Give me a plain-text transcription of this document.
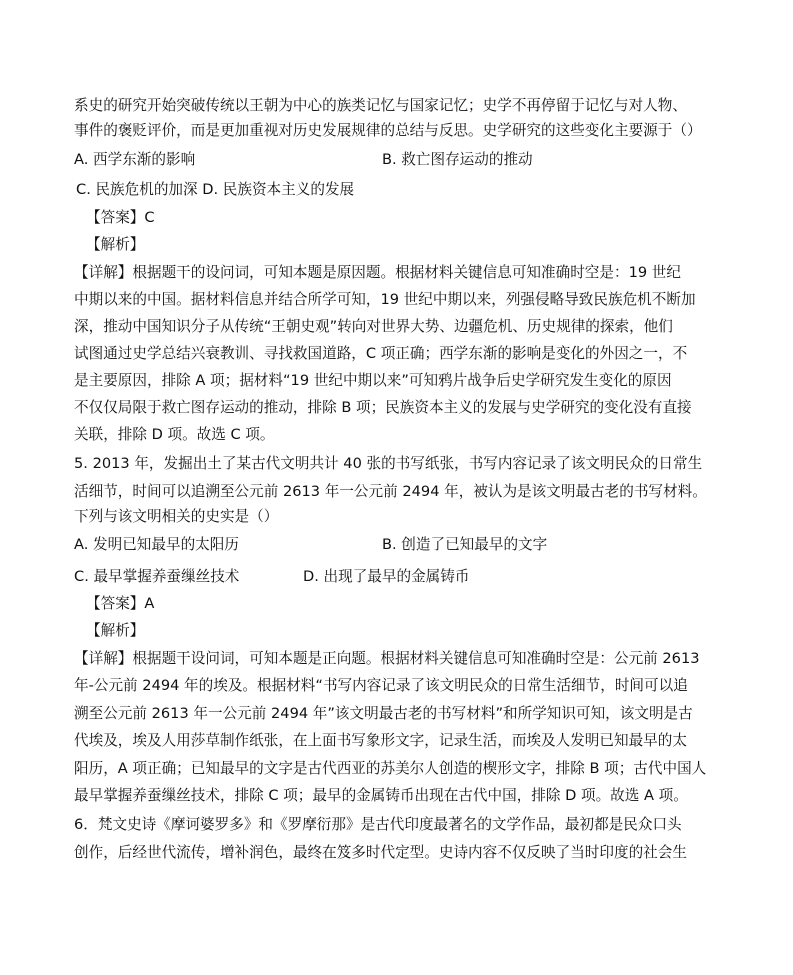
系史的研究开始突破传统以王朝为中心的族类记忆与国家记忆；史学不再停留于记忆与对人物、
事件的褒贬评价，而是更加重视对历史发展规律的总结与反思。史学研究的这些变化主要源于（）
A. 西学东渐的影响	B. 救亡图存运动的推动
C. 民族危机的加深 D. 民族资本主义的发展
【答案】C
【解析】
【详解】根据题干的设问词，可知本题是原因题。根据材料关键信息可知准确时空是：19 世纪
中期以来的中国。据材料信息并结合所学可知，19 世纪中期以来，列强侵略导致民族危机不断加
深，推动中国知识分子从传统“王朝史观”转向对世界大势、边疆危机、历史规律的探索，他们
试图通过史学总结兴衰教训、寻找救国道路，C 项正确；西学东渐的影响是变化的外因之一，不
是主要原因，排除 A 项；据材料“19 世纪中期以来”可知鸦片战争后史学研究发生变化的原因
不仅仅局限于救亡图存运动的推动，排除 B 项；民族资本主义的发展与史学研究的变化没有直接
关联，排除 D 项。故选 C 项。
5. 2013 年，发掘出土了某古代文明共计 40 张的书写纸张，书写内容记录了该文明民众的日常生
活细节，时间可以追溯至公元前 2613 年一公元前 2494 年，被认为是该文明最古老的书写材料。
下列与该文明相关的史实是（）
A. 发明已知最早的太阳历	B. 创造了已知最早的文字
C. 最早掌握养蚕缫丝技术	D. 出现了最早的金属铸币
【答案】A
【解析】
【详解】根据题干设问词，可知本题是正向题。根据材料关键信息可知准确时空是：公元前 2613
年-公元前 2494 年的埃及。根据材料“书写内容记录了该文明民众的日常生活细节，时间可以追
溯至公元前 2613 年一公元前 2494 年”该文明最古老的书写材料”和所学知识可知，该文明是古
代埃及，埃及人用莎草制作纸张，在上面书写象形文字，记录生活，而埃及人发明已知最早的太
阳历，A 项正确；已知最早的文字是古代西亚的苏美尔人创造的楔形文字，排除 B 项；古代中国人
最早掌握养蚕缫丝技术，排除 C 项；最早的金属铸币出现在古代中国，排除 D 项。故选 A 项。
6．梵文史诗《摩诃婆罗多》和《罗摩衍那》是古代印度最著名的文学作品，最初都是民众口头
创作，后经世代流传，增补润色，最终在笈多时代定型。史诗内容不仅反映了当时印度的社会生
